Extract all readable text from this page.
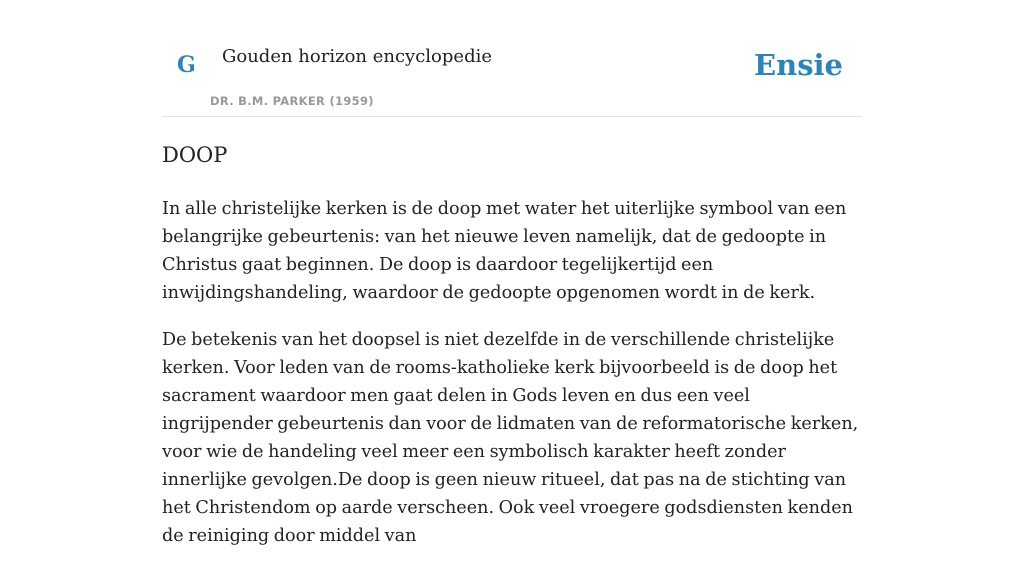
G Gouden horizon encyclopedie
DR. B.M. PARKER (1959)
Ensie
DOOP

In alle christelijke kerken is de doop met water het uiterlijke symbool van een belangrijke gebeurtenis: van het nieuwe leven namelijk, dat de gedoopte in Christus gaat beginnen. De doop is daardoor tegelijkertijd een inwijdingshandeling, waardoor de gedoopte opgenomen wordt in de kerk.

De betekenis van het doopsel is niet dezelfde in de verschillende christelijke kerken. Voor leden van de rooms-katholieke kerk bijvoorbeeld is de doop het sacrament waardoor men gaat delen in Gods leven en dus een veel ingrijpender gebeurtenis dan voor de lidmaten van de reformatorische kerken, voor wie de handeling veel meer een symbolisch karakter heeft zonder innerlijke gevolgen.De doop is geen nieuw ritueel, dat pas na de stichting van het Christendom op aarde verscheen. Ook veel vroegere godsdiensten kenden de reiniging door middel van
